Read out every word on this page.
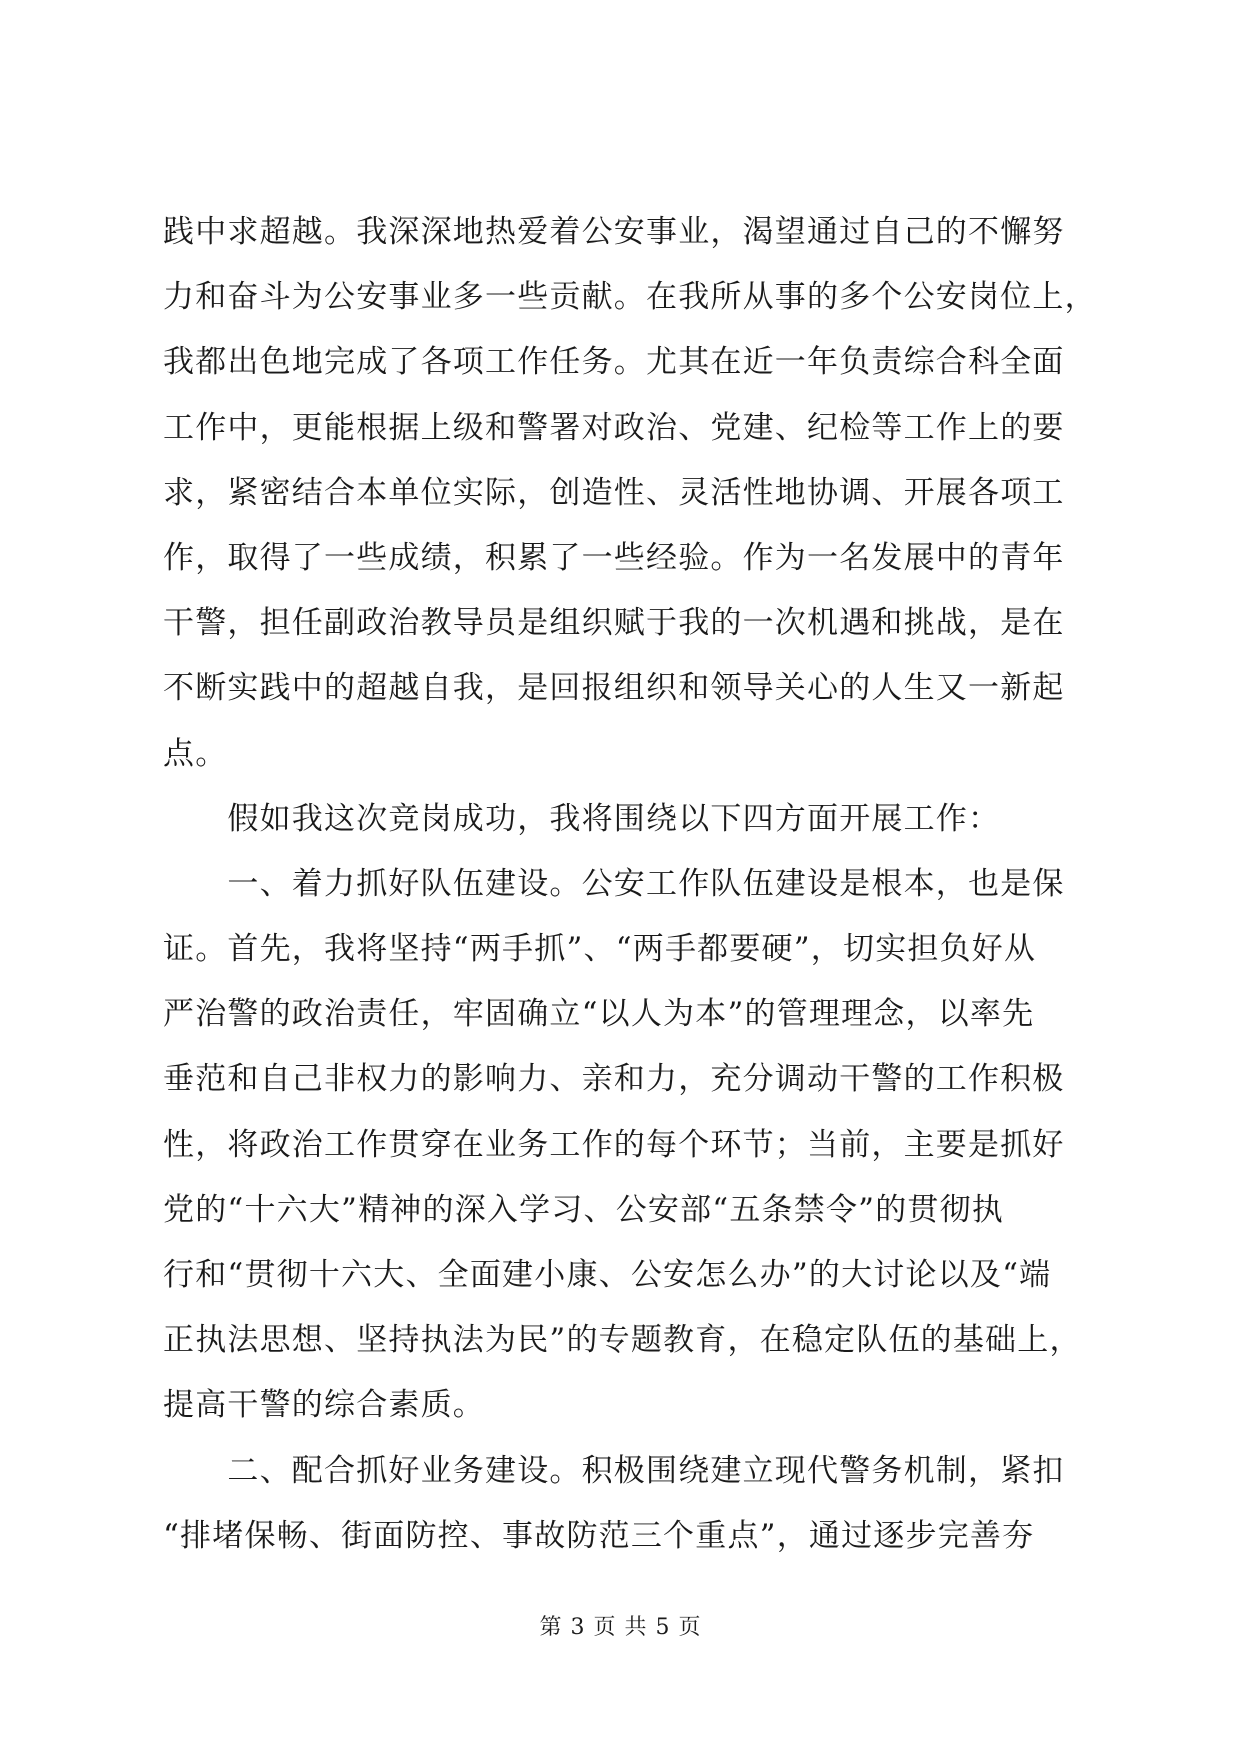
践中求超越。我深深地热爱着公安事业，渴望通过自己的不懈努
力和奋斗为公安事业多一些贡献。在我所从事的多个公安岗位上，
我都出色地完成了各项工作任务。尤其在近一年负责综合科全面
工作中，更能根据上级和警署对政治、党建、纪检等工作上的要
求，紧密结合本单位实际，创造性、灵活性地协调、开展各项工
作，取得了一些成绩，积累了一些经验。作为一名发展中的青年
干警，担任副政治教导员是组织赋于我的一次机遇和挑战，是在
不断实践中的超越自我，是回报组织和领导关心的人生又一新起
点。
　　假如我这次竞岗成功，我将围绕以下四方面开展工作：
　　一、着力抓好队伍建设。公安工作队伍建设是根本，也是保
证。首先，我将坚持“两手抓”、“两手都要硬”，切实担负好从
严治警的政治责任，牢固确立“以人为本”的管理理念，以率先
垂范和自己非权力的影响力、亲和力，充分调动干警的工作积极
性，将政治工作贯穿在业务工作的每个环节；当前，主要是抓好
党的“十六大”精神的深入学习、公安部“五条禁令”的贯彻执
行和“贯彻十六大、全面建小康、公安怎么办”的大讨论以及“端
正执法思想、坚持执法为民”的专题教育，在稳定队伍的基础上，
提高干警的综合素质。
　　二、配合抓好业务建设。积极围绕建立现代警务机制，紧扣
“排堵保畅、街面防控、事故防范三个重点”，通过逐步完善夯
第 3 页 共 5 页
